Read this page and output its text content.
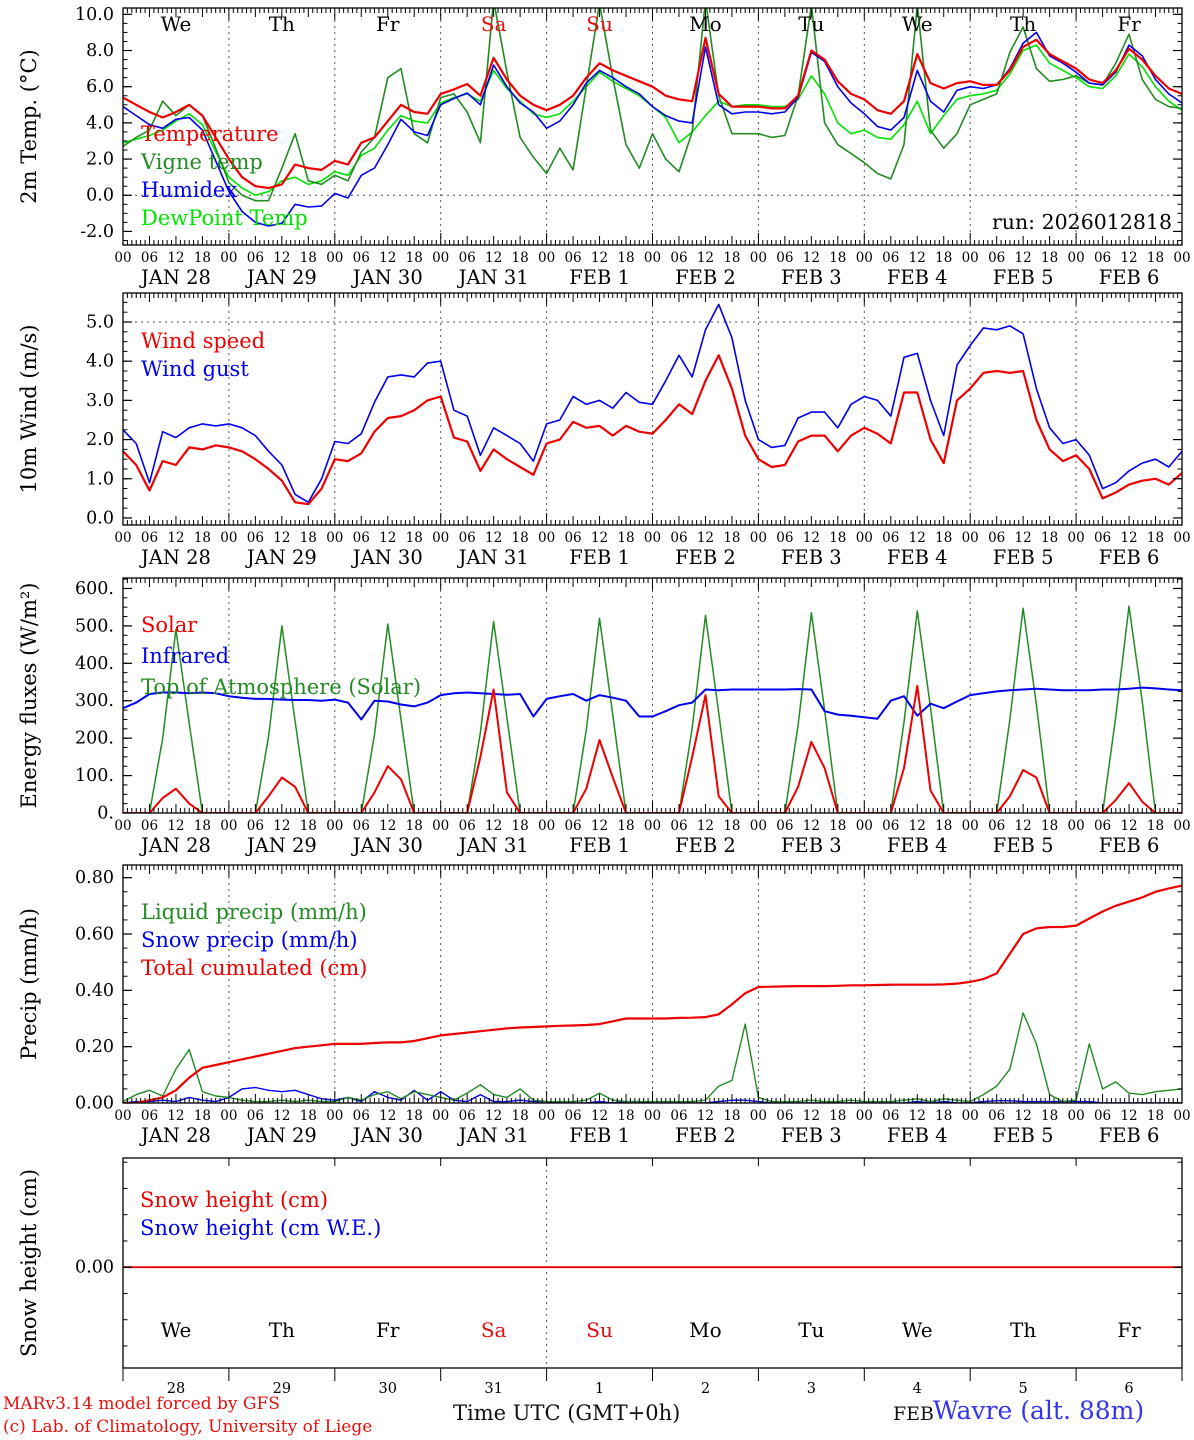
10.0
8.0
6.0
4.0
2.0
0.0
-2.0
00 06 12 18 00 06 12 18 00 06 12 18 00 06 12 18 00 06 12 18 00 06 12 18 00 06 12 18 00 06 12 18 00 06 12 18 00 06 12 18 00
JAN 28 JAN 29 JAN 30 JAN 31 FEB 1 FEB 2 FEB 3 FEB 4 FEB 5 FEB 6
We	Th	Fr	Sa	Su	Mo	Tu	We	Th	Fr
Temperature
Vigne temp
Humidex
DewPoint Temp
2m Temp. (°C)
run: 2026012818
5.0
4.0
3.0
2.0
1.0
0.0
00 06 12 18 00 06 12 18 00 06 12 18 00 06 12 18 00 06 12 18 00 06 12 18 00 06 12 18 00 06 12 18 00 06 12 18 00 06 12 18 00
JAN 28 JAN 29 JAN 30 JAN 31 FEB 1 FEB 2 FEB 3 FEB 4 FEB 5 FEB 6
Wind speed
Wind gust
10m Wind (m/s)
600.
500.
400.
300.
200.
100.
0.
00 06 12 18 00 06 12 18 00 06 12 18 00 06 12 18 00 06 12 18 00 06 12 18 00 06 12 18 00 06 12 18 00 06 12 18 00 06 12 18 00
JAN 28 JAN 29 JAN 30 JAN 31 FEB 1 FEB 2 FEB 3 FEB 4 FEB 5 FEB 6
Solar
Infrared
Top of Atmosphere (Solar)
Energy fluxes (W/m²)
0.80
0.60
0.40
0.20
0.00
00 06 12 18 00 06 12 18 00 06 12 18 00 06 12 18 00 06 12 18 00 06 12 18 00 06 12 18 00 06 12 18 00 06 12 18 00 06 12 18 00
JAN 28 JAN 29 JAN 30 JAN 31 FEB 1 FEB 2 FEB 3 FEB 4 FEB 5 FEB 6
Liquid precip (mm/h)
Snow precip (mm/h)
Total cumulated (cm)
Precip (mm/h)
0.00
We
28
Th
29
Fr
30
Sa
31
Su
1
Mo
2
Tu
3
We
4
Th
5
Fr
6
Snow height (cm)
Snow height (cm W.E.)
Snow height (cm)
MARv3.14 model forced by GFS
(c) Lab. of Climatology, University of Liege
Time UTC (GMT+0h)	FEB
Wavre (alt. 88m)
